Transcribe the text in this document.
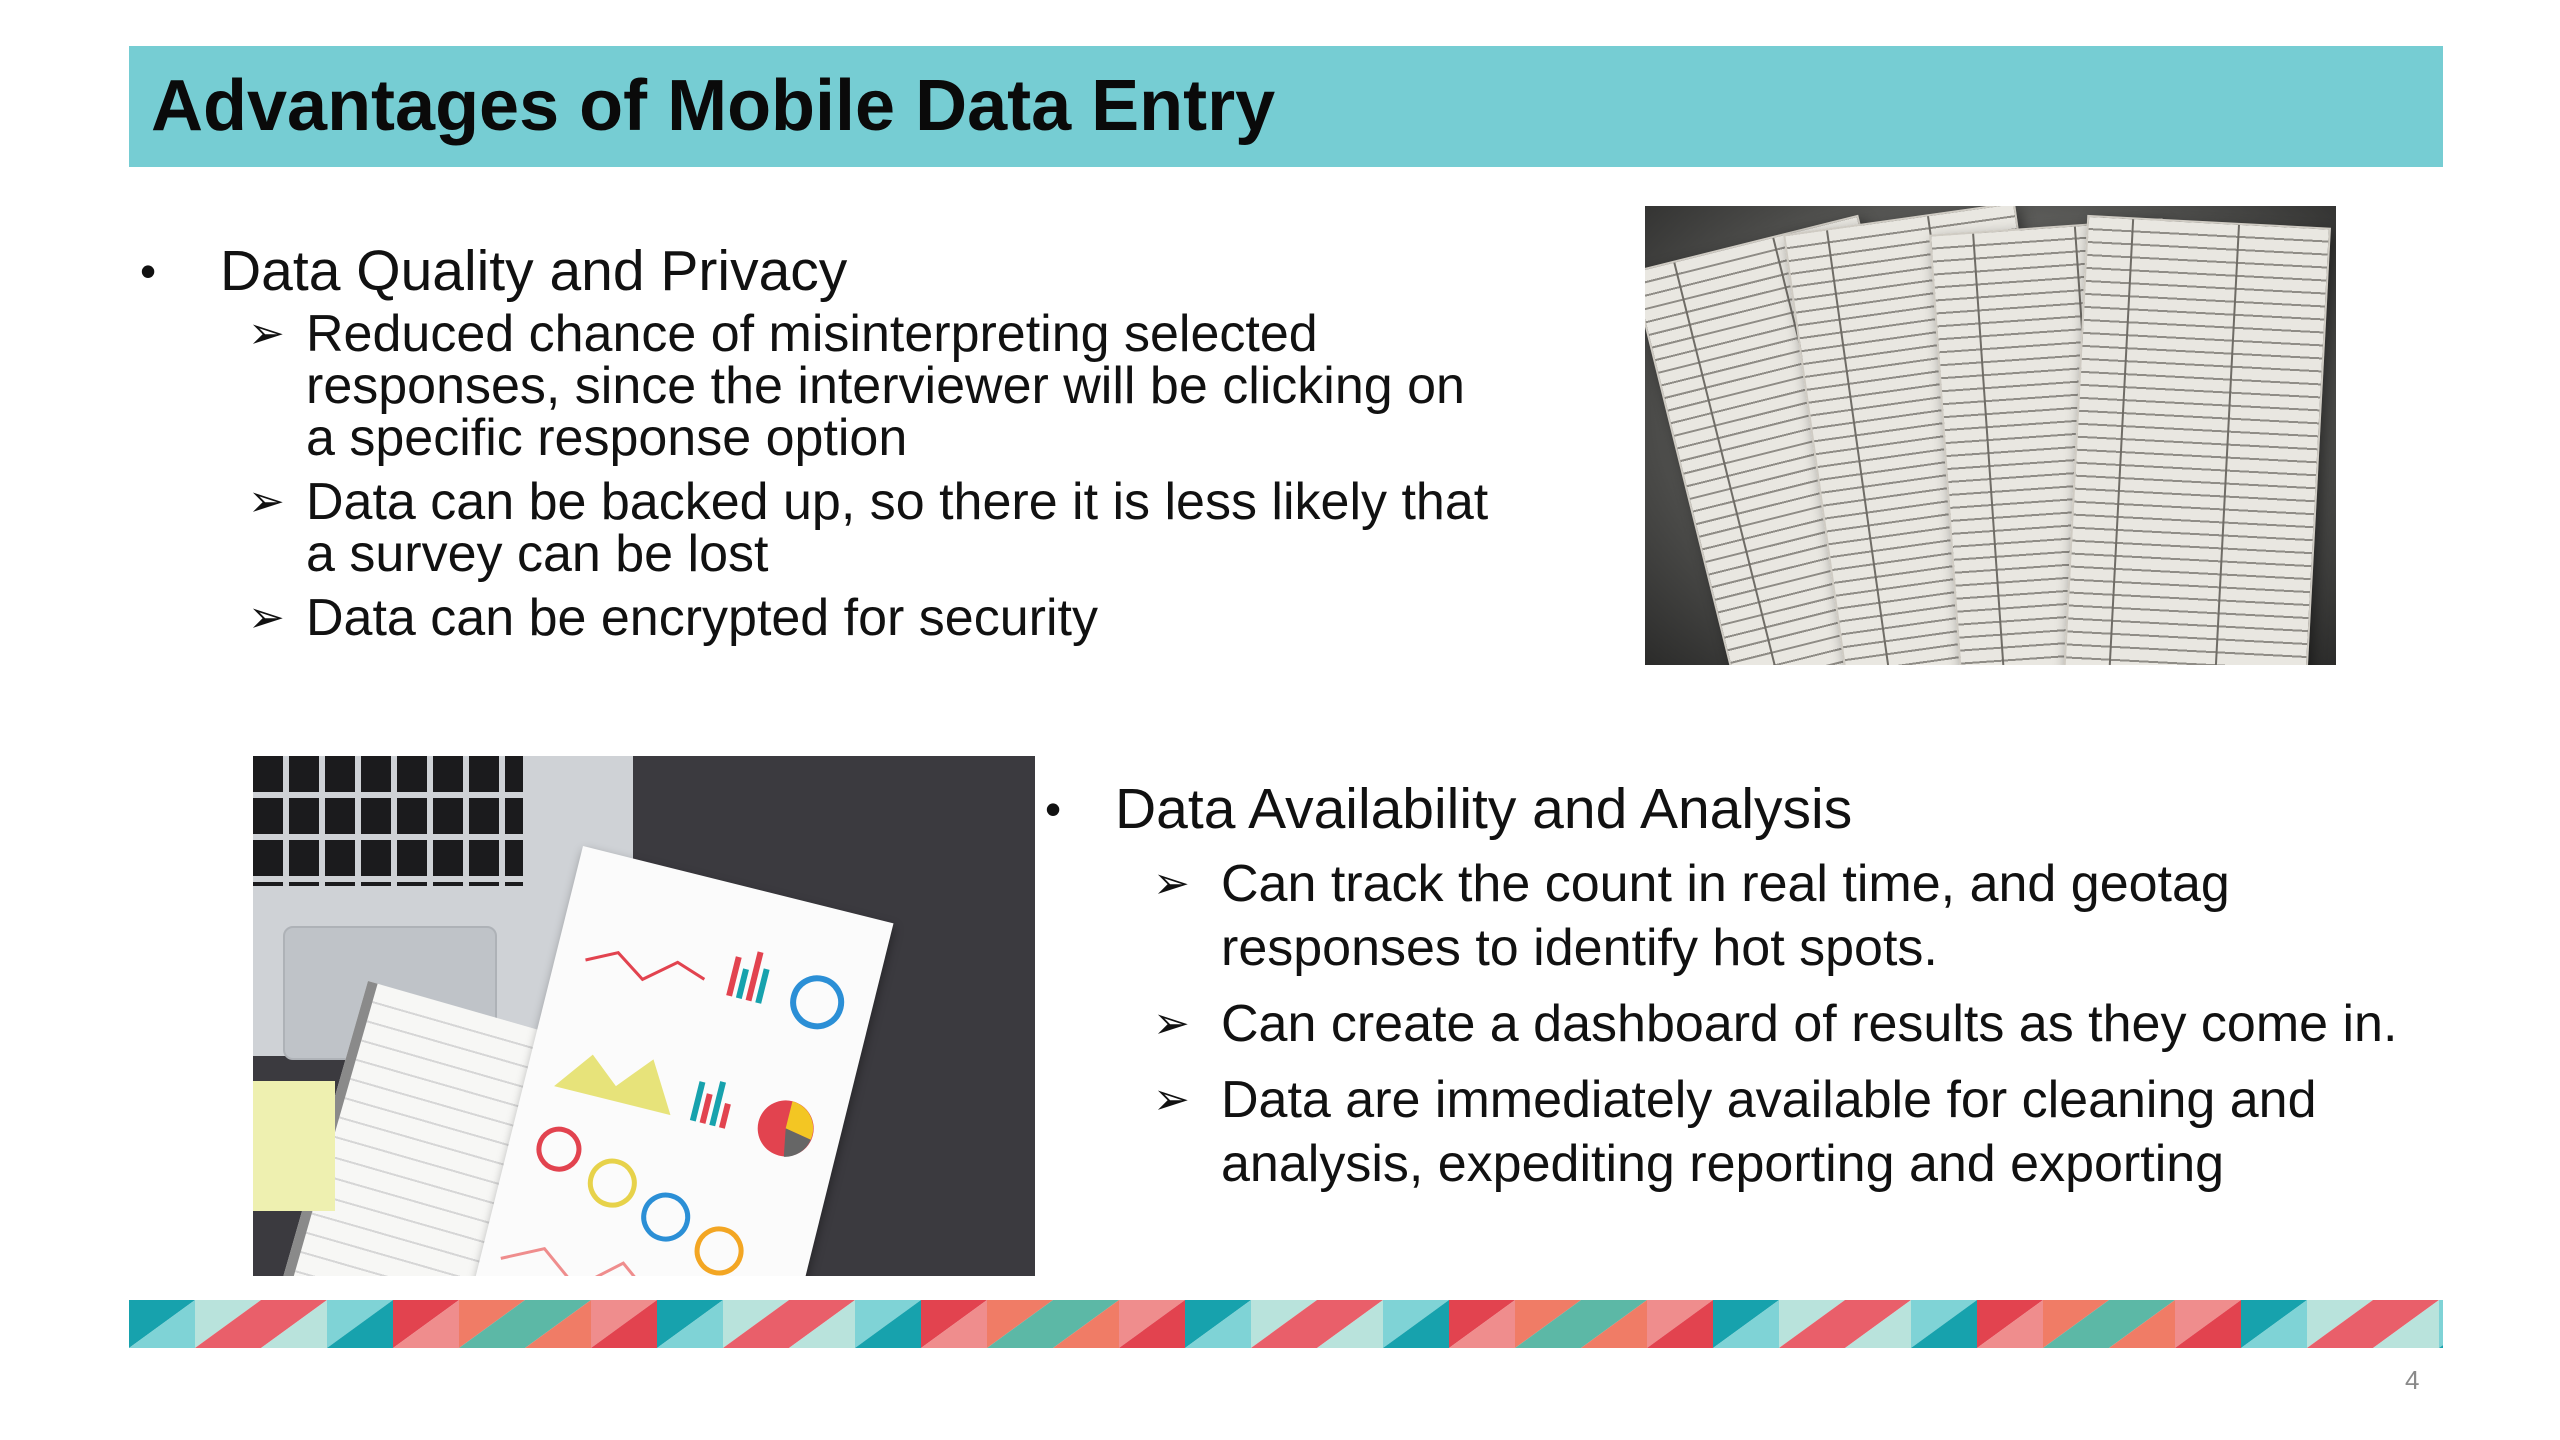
Advantages of Mobile Data Entry
• Data Quality and Privacy
➢ Reduced chance of misinterpreting selected
responses, since the interviewer will be clicking on
a specific response option
➢ Data can be backed up, so there it is less likely that
a survey can be lost
➢ Data can be encrypted for security
• Data Availability and Analysis
➢ Can track the count in real time, and geotag
responses to identify hot spots.
➢ Can create a dashboard of results as they come in.
➢ Data are immediately available for cleaning and
analysis, expediting reporting and exporting
4
